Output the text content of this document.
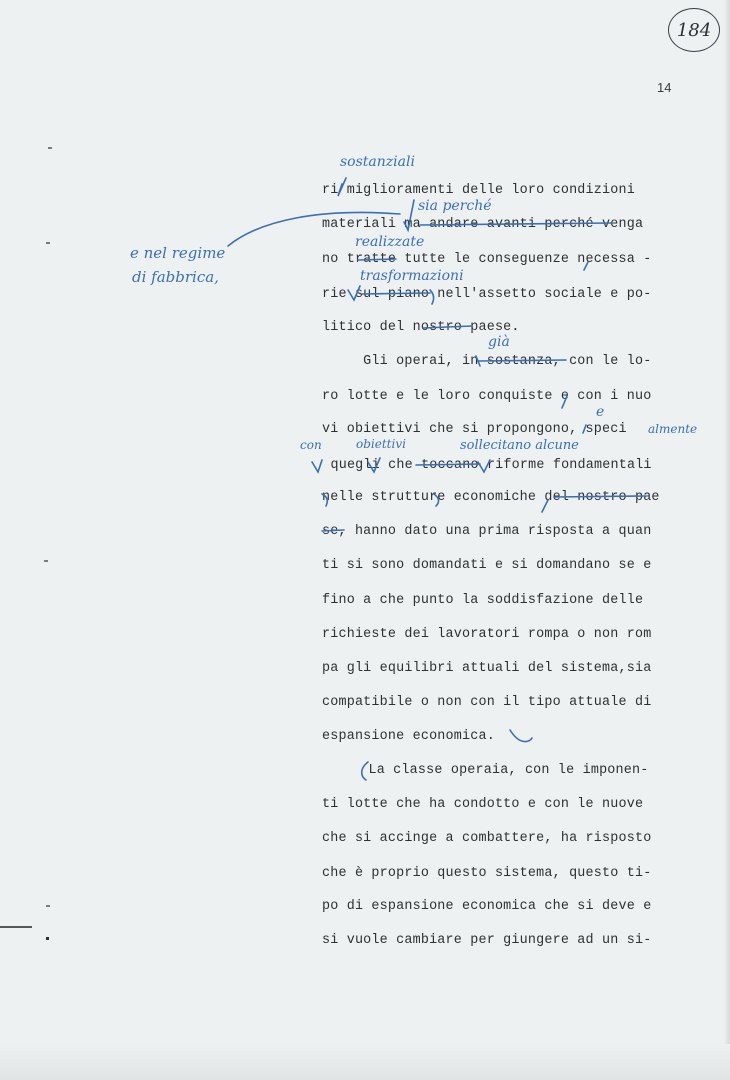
184
14
ri miglioramenti delle loro condizioni
materiali ma andare avanti perché venga
no tratte tutte le conseguenze necessa -
rie sul piano nell'assetto sociale e po-
litico del nostro paese.
Gli operai, in sostanza, con le lo-
ro lotte e le loro conquiste e con i nuo
vi obiettivi che si propongono, speci
quegli che toccano riforme fondamentali
nelle strutture economiche del nostro pae
se, hanno dato una prima risposta a quan
ti si sono domandati e si domandano se e
fino a che punto la soddisfazione delle
richieste dei lavoratori rompa o non rom
pa gli equilibri attuali del sistema,sia
compatibile o non con il tipo attuale di
espansione economica.
La classe operaia, con le imponen-
ti lotte che ha condotto e con le nuove
che si accinge a combattere, ha risposto
che è proprio questo sistema, questo ti-
po di espansione economica che si deve e
si vuole cambiare per giungere ad un si-
sostanziali
sia perché
realizzate
trasformazioni
già
e
almente
con	obiettivi	sollecitano alcune
e nel regime
di fabbrica,
